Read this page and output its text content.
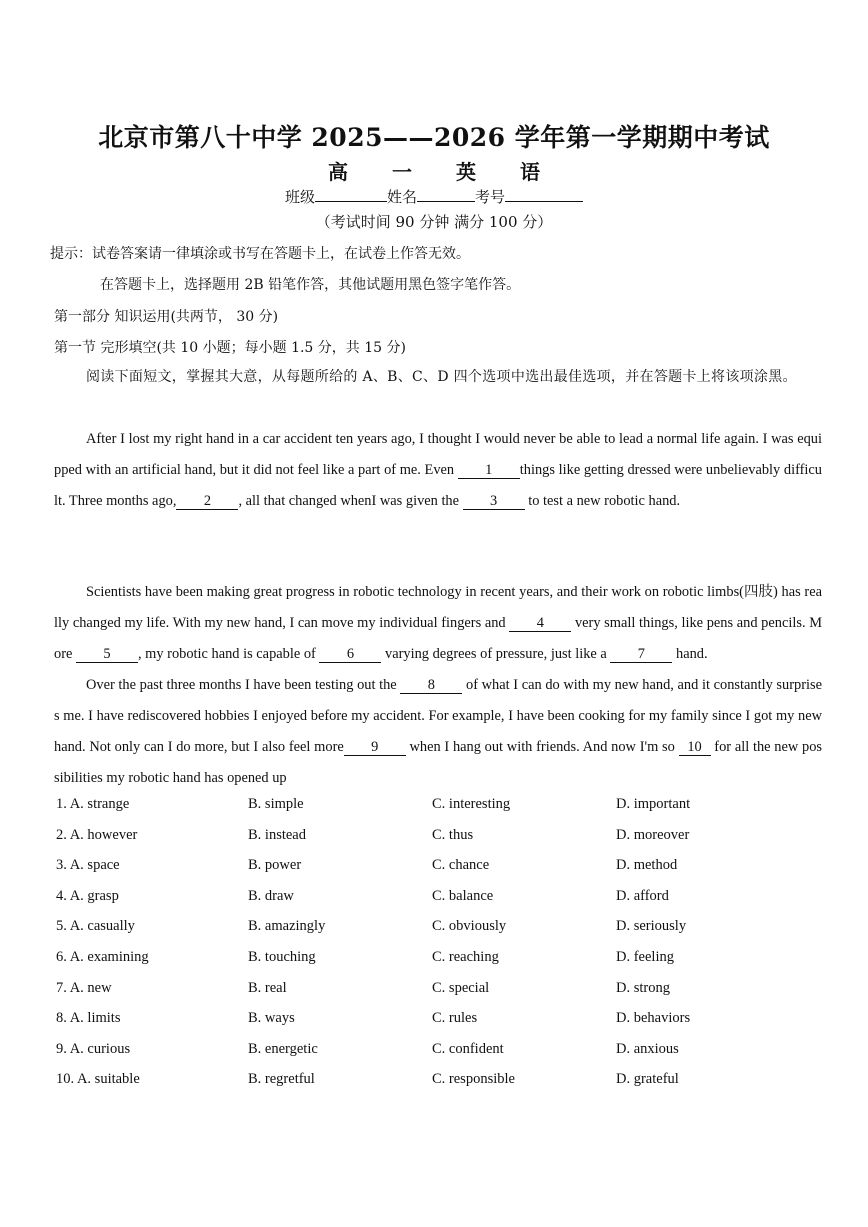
北京市第八十中学 2025——2026 学年第一学期期中考试
高 一 英 语
班级	姓名	考号
（考试时间 90 分钟 满分 100 分）
提示：试卷答案请一律填涂或书写在答题卡上，在试卷上作答无效。
在答题卡上，选择题用 2B 铅笔作答，其他试题用黑色签字笔作答。
第一部分 知识运用(共两节， 30 分)
第一节 完形填空(共 10 小题；每小题 1.5 分，共 15 分)
阅读下面短文，掌握其大意，从每题所给的 A、B、C、D 四个选项中选出最佳选项，并在答题卡上将该项涂黑。
After I lost my right hand in a car accident ten years ago, I thought I would never be able to lead a normal life again. I was equipped with an artificial hand, but it did not feel like a part of me. Even 1 things like getting dressed were unbelievably difficult. Three months ago, 2 , all that changed whenI was given the 3 to test a new robotic hand.
Scientists have been making great progress in robotic technology in recent years, and their work on robotic limbs(四肢) has really changed my life. With my new hand, I can move my individual fingers and 4 very small things, like pens and pencils. More 5 , my robotic hand is capable of 6 varying degrees of pressure, just like a 7 hand.
Over the past three months I have been testing out the 8 of what I can do with my new hand, and it constantly surprises me. I have rediscovered hobbies I enjoyed before my accident. For example, I have been cooking for my family since I got my new hand. Not only can I do more, but I also feel more 9 when I hang out with friends. And now I'm so 10 for all the new possibilities my robotic hand has opened up
1. A. strange	B. simple	C. interesting	D. important
2. A. however	B. instead	C. thus	D. moreover
3. A. space	B. power	C. chance	D. method
4. A. grasp	B. draw	C. balance	D. afford
5. A. casually	B. amazingly	C. obviously	D. seriously
6. A. examining	B. touching	C. reaching	D. feeling
7. A. new	B. real	C. special	D. strong
8. A. limits	B. ways	C. rules	D. behaviors
9. A. curious	B. energetic	C. confident	D. anxious
10. A. suitable	B. regretful	C. responsible	D. grateful
